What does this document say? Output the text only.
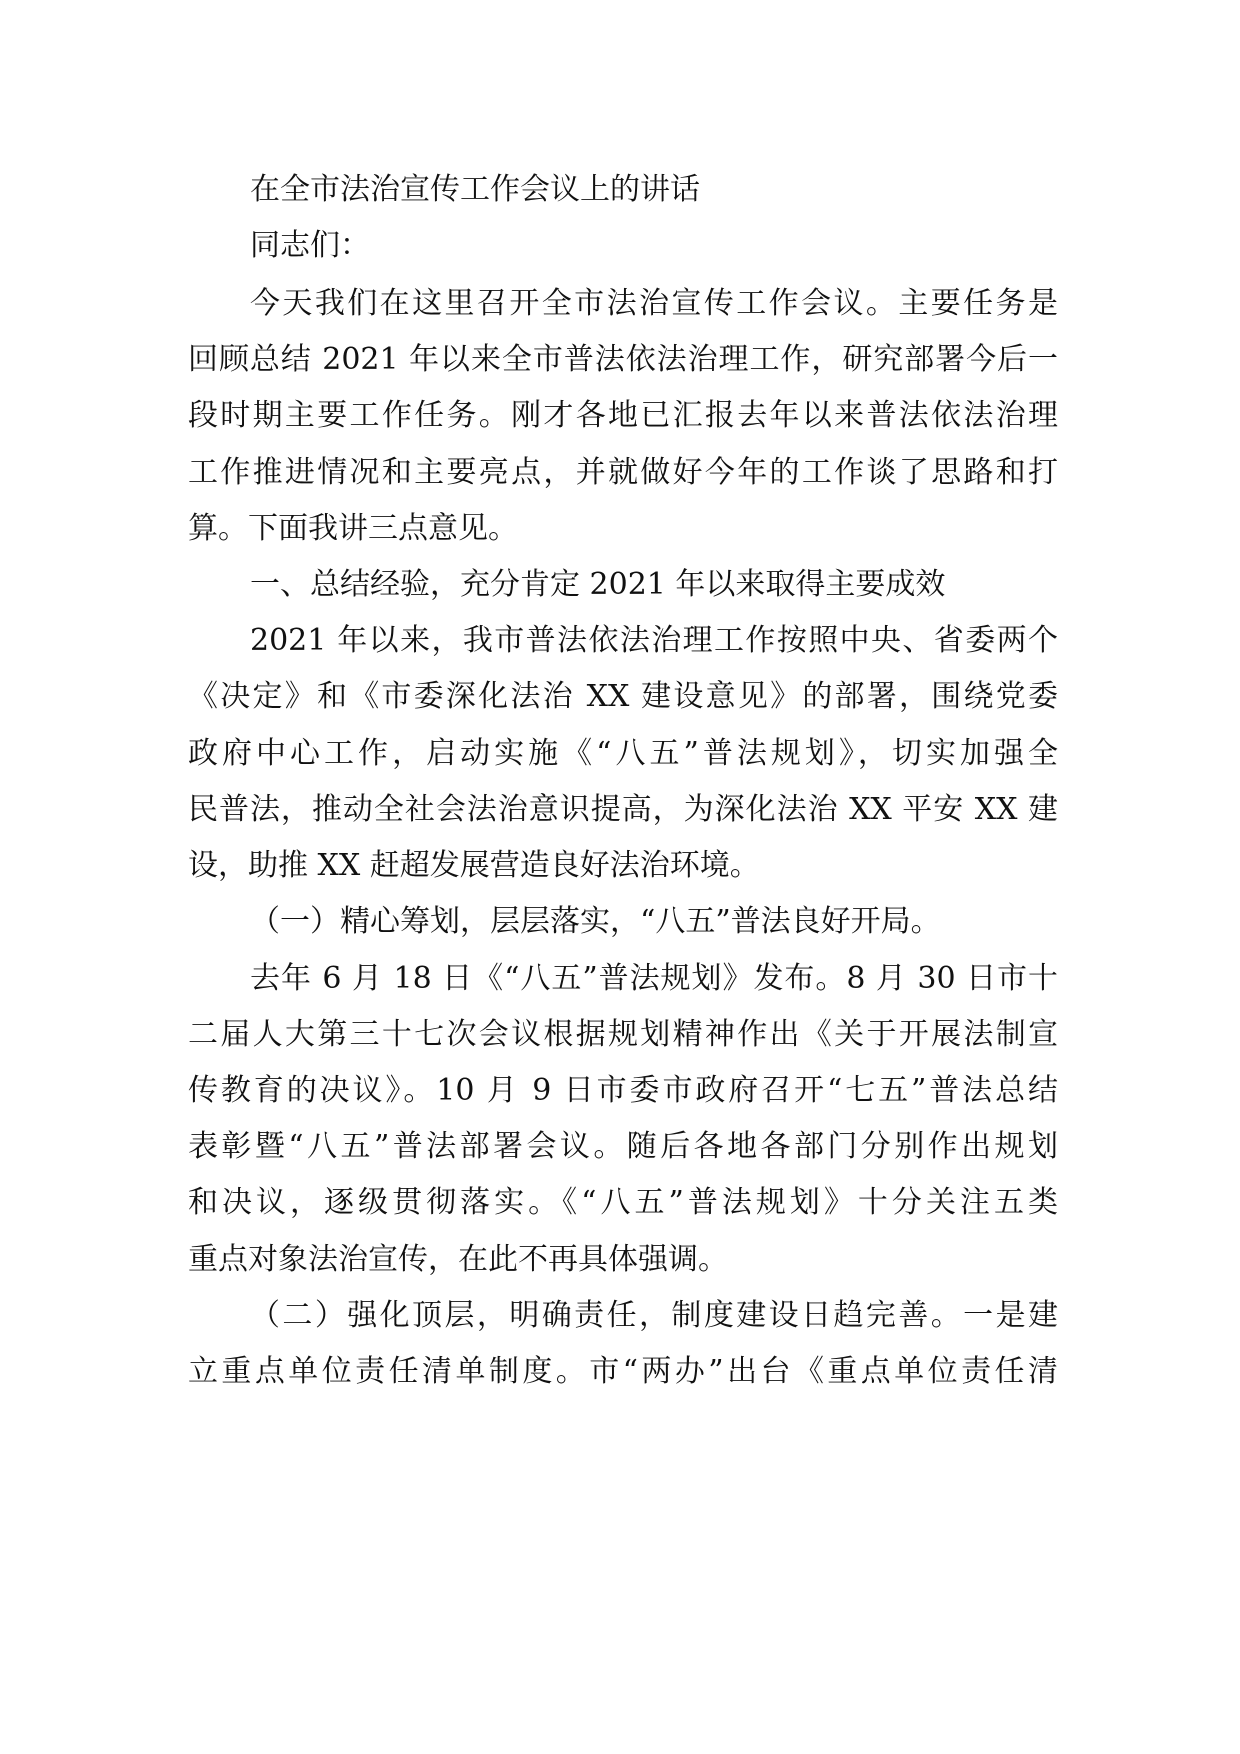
在全市法治宣传工作会议上的讲话
同志们：
今天我们在这里召开全市法治宣传工作会议。主要任务是
回顾总结 2021 年以来全市普法依法治理工作，研究部署今后一
段时期主要工作任务。刚才各地已汇报去年以来普法依法治理
工作推进情况和主要亮点，并就做好今年的工作谈了思路和打
算。下面我讲三点意见。
一、总结经验，充分肯定 2021 年以来取得主要成效
2021 年以来，我市普法依法治理工作按照中央、省委两个
《决定》和《市委深化法治 XX 建设意见》的部署，围绕党委
政府中心工作，启动实施《“八五”普法规划》，切实加强全
民普法，推动全社会法治意识提高，为深化法治 XX 平安 XX 建
设，助推 XX 赶超发展营造良好法治环境。
（一）精心筹划，层层落实，“八五”普法良好开局。
去年 6 月 18 日《“八五”普法规划》发布。8 月 30 日市十
二届人大第三十七次会议根据规划精神作出《关于开展法制宣
传教育的决议》。10 月 9 日市委市政府召开“七五”普法总结
表彰暨“八五”普法部署会议。随后各地各部门分别作出规划
和决议，逐级贯彻落实。《“八五”普法规划》十分关注五类
重点对象法治宣传，在此不再具体强调。
（二）强化顶层，明确责任，制度建设日趋完善。一是建
立重点单位责任清单制度。市“两办”出台《重点单位责任清
